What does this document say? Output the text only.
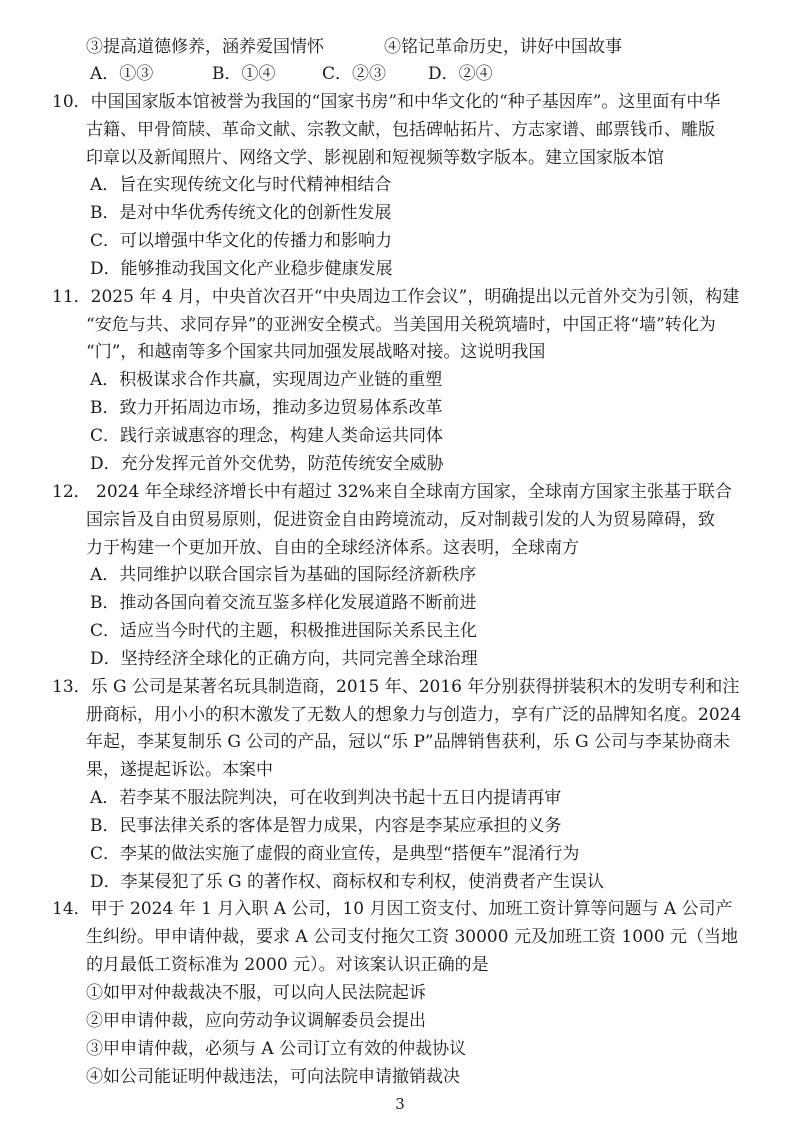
③提高道德修养，涵养爱国情怀	④铭记革命历史，讲好中国故事
A．①③	B．①④	C．②③ D．②④
10．中国国家版本馆被誉为我国的“国家书房”和中华文化的“种子基因库”。这里面有中华
古籍、甲骨简牍、革命文献、宗教文献，包括碑帖拓片、方志家谱、邮票钱币、雕版
印章以及新闻照片、网络文学、影视剧和短视频等数字版本。建立国家版本馆
A．旨在实现传统文化与时代精神相结合
B．是对中华优秀传统文化的创新性发展
C．可以增强中华文化的传播力和影响力
D．能够推动我国文化产业稳步健康发展
11．2025 年 4 月，中央首次召开“中央周边工作会议”，明确提出以元首外交为引领，构建
“安危与共、求同存异”的亚洲安全模式。当美国用关税筑墙时，中国正将“墙”转化为
“门”，和越南等多个国家共同加强发展战略对接。这说明我国
A．积极谋求合作共赢，实现周边产业链的重塑
B．致力开拓周边市场，推动多边贸易体系改革
C．践行亲诚惠容的理念，构建人类命运共同体
D．充分发挥元首外交优势，防范传统安全威胁
12． 2024 年全球经济增长中有超过 32%来自全球南方国家，全球南方国家主张基于联合
国宗旨及自由贸易原则，促进资金自由跨境流动，反对制裁引发的人为贸易障碍，致
力于构建一个更加开放、自由的全球经济体系。这表明，全球南方
A．共同维护以联合国宗旨为基础的国际经济新秩序
B．推动各国向着交流互鉴多样化发展道路不断前进
C．适应当今时代的主题，积极推进国际关系民主化
D．坚持经济全球化的正确方向，共同完善全球治理
13．乐 G 公司是某著名玩具制造商，2015 年、2016 年分别获得拼装积木的发明专利和注
册商标，用小小的积木激发了无数人的想象力与创造力，享有广泛的品牌知名度。2024
年起，李某复制乐 G 公司的产品，冠以“乐 P”品牌销售获利，乐 G 公司与李某协商未
果，遂提起诉讼。本案中
A．若李某不服法院判决，可在收到判决书起十五日内提请再审
B．民事法律关系的客体是智力成果，内容是李某应承担的义务
C．李某的做法实施了虚假的商业宣传，是典型“搭便车”混淆行为
D．李某侵犯了乐 G 的著作权、商标权和专利权，使消费者产生误认
14．甲于 2024 年 1 月入职 A 公司，10 月因工资支付、加班工资计算等问题与 A 公司产
生纠纷。甲申请仲裁，要求 A 公司支付拖欠工资 30000 元及加班工资 1000 元（当地
的月最低工资标准为 2000 元）。对该案认识正确的是
①如甲对仲裁裁决不服，可以向人民法院起诉
②甲申请仲裁，应向劳动争议调解委员会提出
③甲申请仲裁，必须与 A 公司订立有效的仲裁协议
④如公司能证明仲裁违法，可向法院申请撤销裁决
3
